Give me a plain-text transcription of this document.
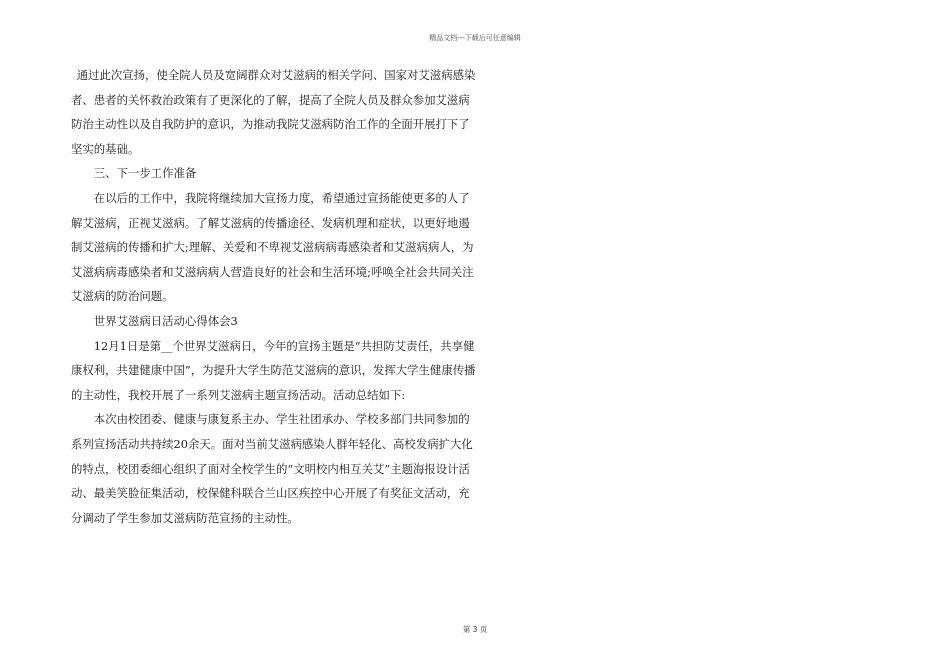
精品文档---下载后可任意编辑

通过此次宣扬，使全院人员及宽阔群众对艾滋病的相关学问、国家对艾滋病感染者、患者的关怀救治政策有了更深化的了解，提高了全院人员及群众参加艾滋病防治主动性以及自我防护的意识，为推动我院艾滋病防治工作的全面开展打下了坚实的基础。

三、下一步工作准备

在以后的工作中，我院将继续加大宣扬力度，希望通过宣扬能使更多的人了解艾滋病，正视艾滋病。了解艾滋病的传播途径、发病机理和症状，以更好地遏制艾滋病的传播和扩大;理解、关爱和不卑视艾滋病病毒感染者和艾滋病病人，为艾滋病病毒感染者和艾滋病病人营造良好的社会和生活环境;呼唤全社会共同关注艾滋病的防治问题。

世界艾滋病日活动心得体会3

12月1日是第__个世界艾滋病日，今年的宣扬主题是“共担防艾责任，共享健康权利，共建健康中国”，为提升大学生防范艾滋病的意识，发挥大学生健康传播的主动性，我校开展了一系列艾滋病主题宣扬活动。活动总结如下:

本次由校团委、健康与康复系主办、学生社团承办、学校多部门共同参加的系列宣扬活动共持续20余天。面对当前艾滋病感染人群年轻化、高校发病扩大化的特点，校团委细心组织了面对全校学生的“文明校内相互关艾”主题海报设计活动、最美笑脸征集活动，校保健科联合兰山区疾控中心开展了有奖征文活动，充分调动了学生参加艾滋病防范宣扬的主动性。

第 3 页
